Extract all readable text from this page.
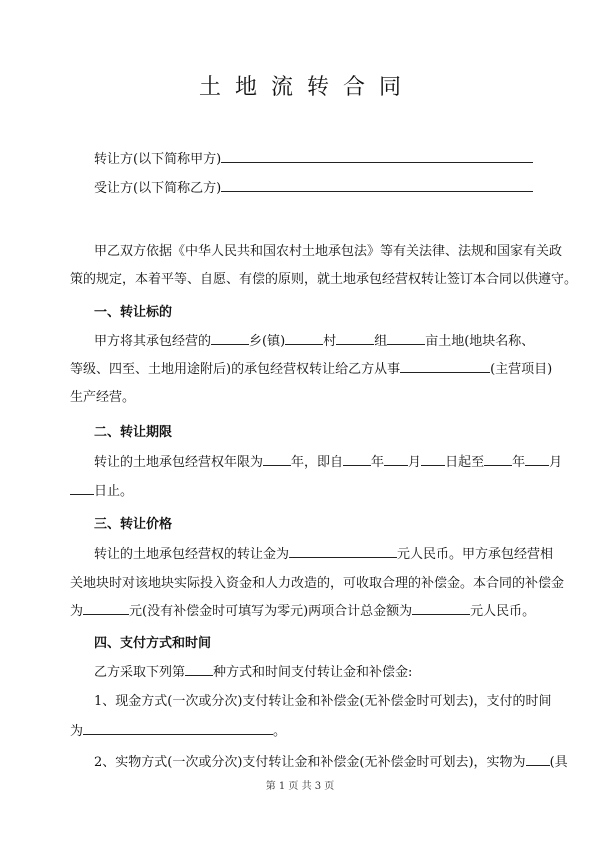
土地流转合同
转让方(以下简称甲方)
受让方(以下简称乙方)
甲乙双方依据《中华人民共和国农村土地承包法》等有关法律、法规和国家有关政
策的规定，本着平等、自愿、有偿的原则，就土地承包经营权转让签订本合同以供遵守。
一、转让标的
甲方将其承包经营的	乡(镇)	村	组	亩土地(地块名称、
等级、四至、土地用途附后)的承包经营权转让给乙方从事	(主营项目)
生产经营。
二、转让期限
转让的土地承包经营权年限为 年，即自 年 月 日起至 年 月
日止。
三、转让价格
转让的土地承包经营权的转让金为	元人民币。甲方承包经营相
关地块时对该地块实际投入资金和人力改造的，可收取合理的补偿金。本合同的补偿金
为	元(没有补偿金时可填写为零元)两项合计总金额为	元人民币。
四、支付方式和时间
乙方采取下列第 种方式和时间支付转让金和补偿金:
1、现金方式(一次或分次)支付转让金和补偿金(无补偿金时可划去)，支付的时间
为	。
2、实物方式(一次或分次)支付转让金和补偿金(无补偿金时可划去)，实物为 (具
第 1 页 共 3 页
